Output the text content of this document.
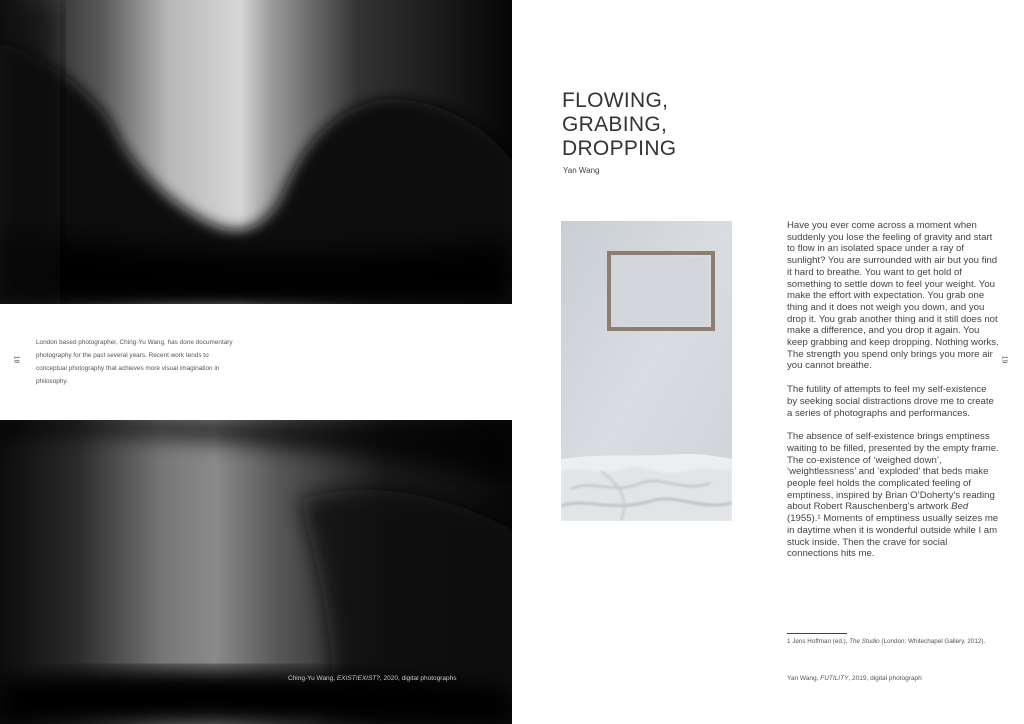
London based photographer, Ching-Yu Wang, has done documentary photography for the past several years. Recent work tends to conceptual photography that achieves more visual imagination in philosophy.
Ching-Yu Wang, EXIST!EXIST?, 2020, digital photographs
18
FLOWING,
GRABING,
DROPPING
Yan Wang

Have you ever come across a moment when suddenly you lose the feeling of gravity and start to flow in an isolated space under a ray of sunlight? You are surrounded with air but you find it hard to breathe. You want to get hold of something to settle down to feel your weight. You make the effort with expectation. You grab one thing and it does not weigh you down, and you drop it. You grab another thing and it still does not make a difference, and you drop it again. You keep grabbing and keep dropping. Nothing works. The strength you spend only brings you more air you cannot breathe.

The futility of attempts to feel my self-existence by seeking social distractions drove me to create a series of photographs and performances.

The absence of self-existence brings emptiness waiting to be filled, presented by the empty frame. The co-existence of ‘weighed down’, ‘weightlessness’ and ‘exploded’ that beds make people feel holds the complicated feeling of emptiness, inspired by Brian O’Doherty’s reading about Robert Rauschenberg’s artwork Bed (1955).¹ Moments of emptiness usually seizes me in daytime when it is wonderful outside while I am stuck inside. Then the crave for social connections hits me.

1 Jens Hoffman (ed.), The Studio (London: Whitechapel Gallery, 2012).
Yan Wang, FUTILITY, 2019, digital photograph
19
